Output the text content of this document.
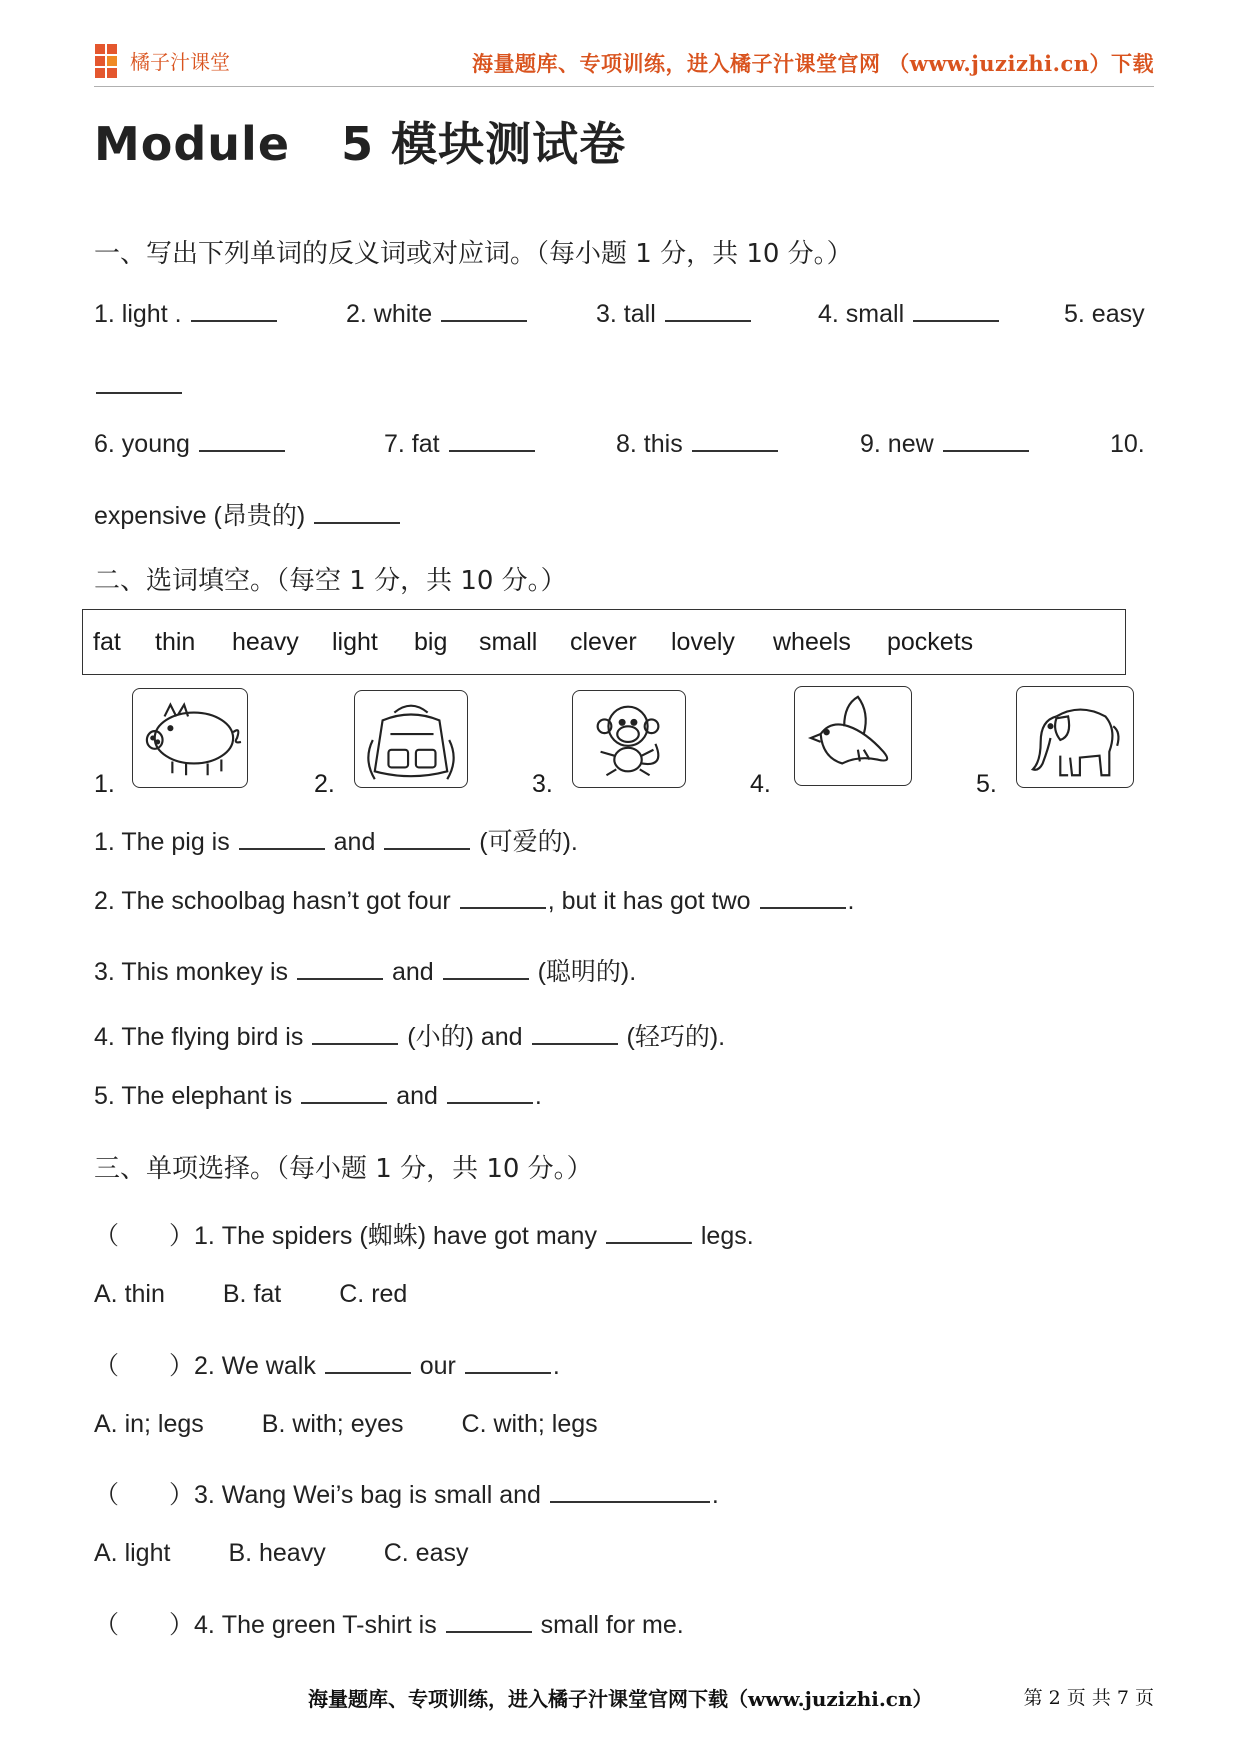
橘子汁课堂	海量题库、专项训练，进入橘子汁课堂官网 （www.juzizhi.cn）下载
Module   5 模块测试卷
一、写出下列单词的反义词或对应词。（每小题 1 分，共 10 分。）
1. light .	2. white	3. tall	4. small	5. easy
6. young	7. fat	8. this	9. new	10.
expensive (昂贵的)
二、选词填空。（每空 1 分，共 10 分。）
fat thin heavy light big small clever lovely wheels pockets
1.	2.	3.	4.	5.
1. The pig is	and	(可爱的).
2. The schoolbag hasn’t got four	, but it has got two	.
3. This monkey is	and	(聪明的).
4. The flying bird is	(小的) and	(轻巧的).
5. The elephant is	and	.
三、单项选择。（每小题 1 分，共 10 分。）
（　　）1. The spiders (蜘蛛) have got many	legs.
A. thin B. fat C. red
（　　）2. We walk	our	.
A. in; legs B. with; eyes C. with; legs
（　　）3. Wang Wei’s bag is small and	.
A. light B. heavy C. easy
（　　）4. The green T-shirt is	small for me.
海量题库、专项训练，进入橘子汁课堂官网下载（www.juzizhi.cn）	第 2 页 共 7 页
